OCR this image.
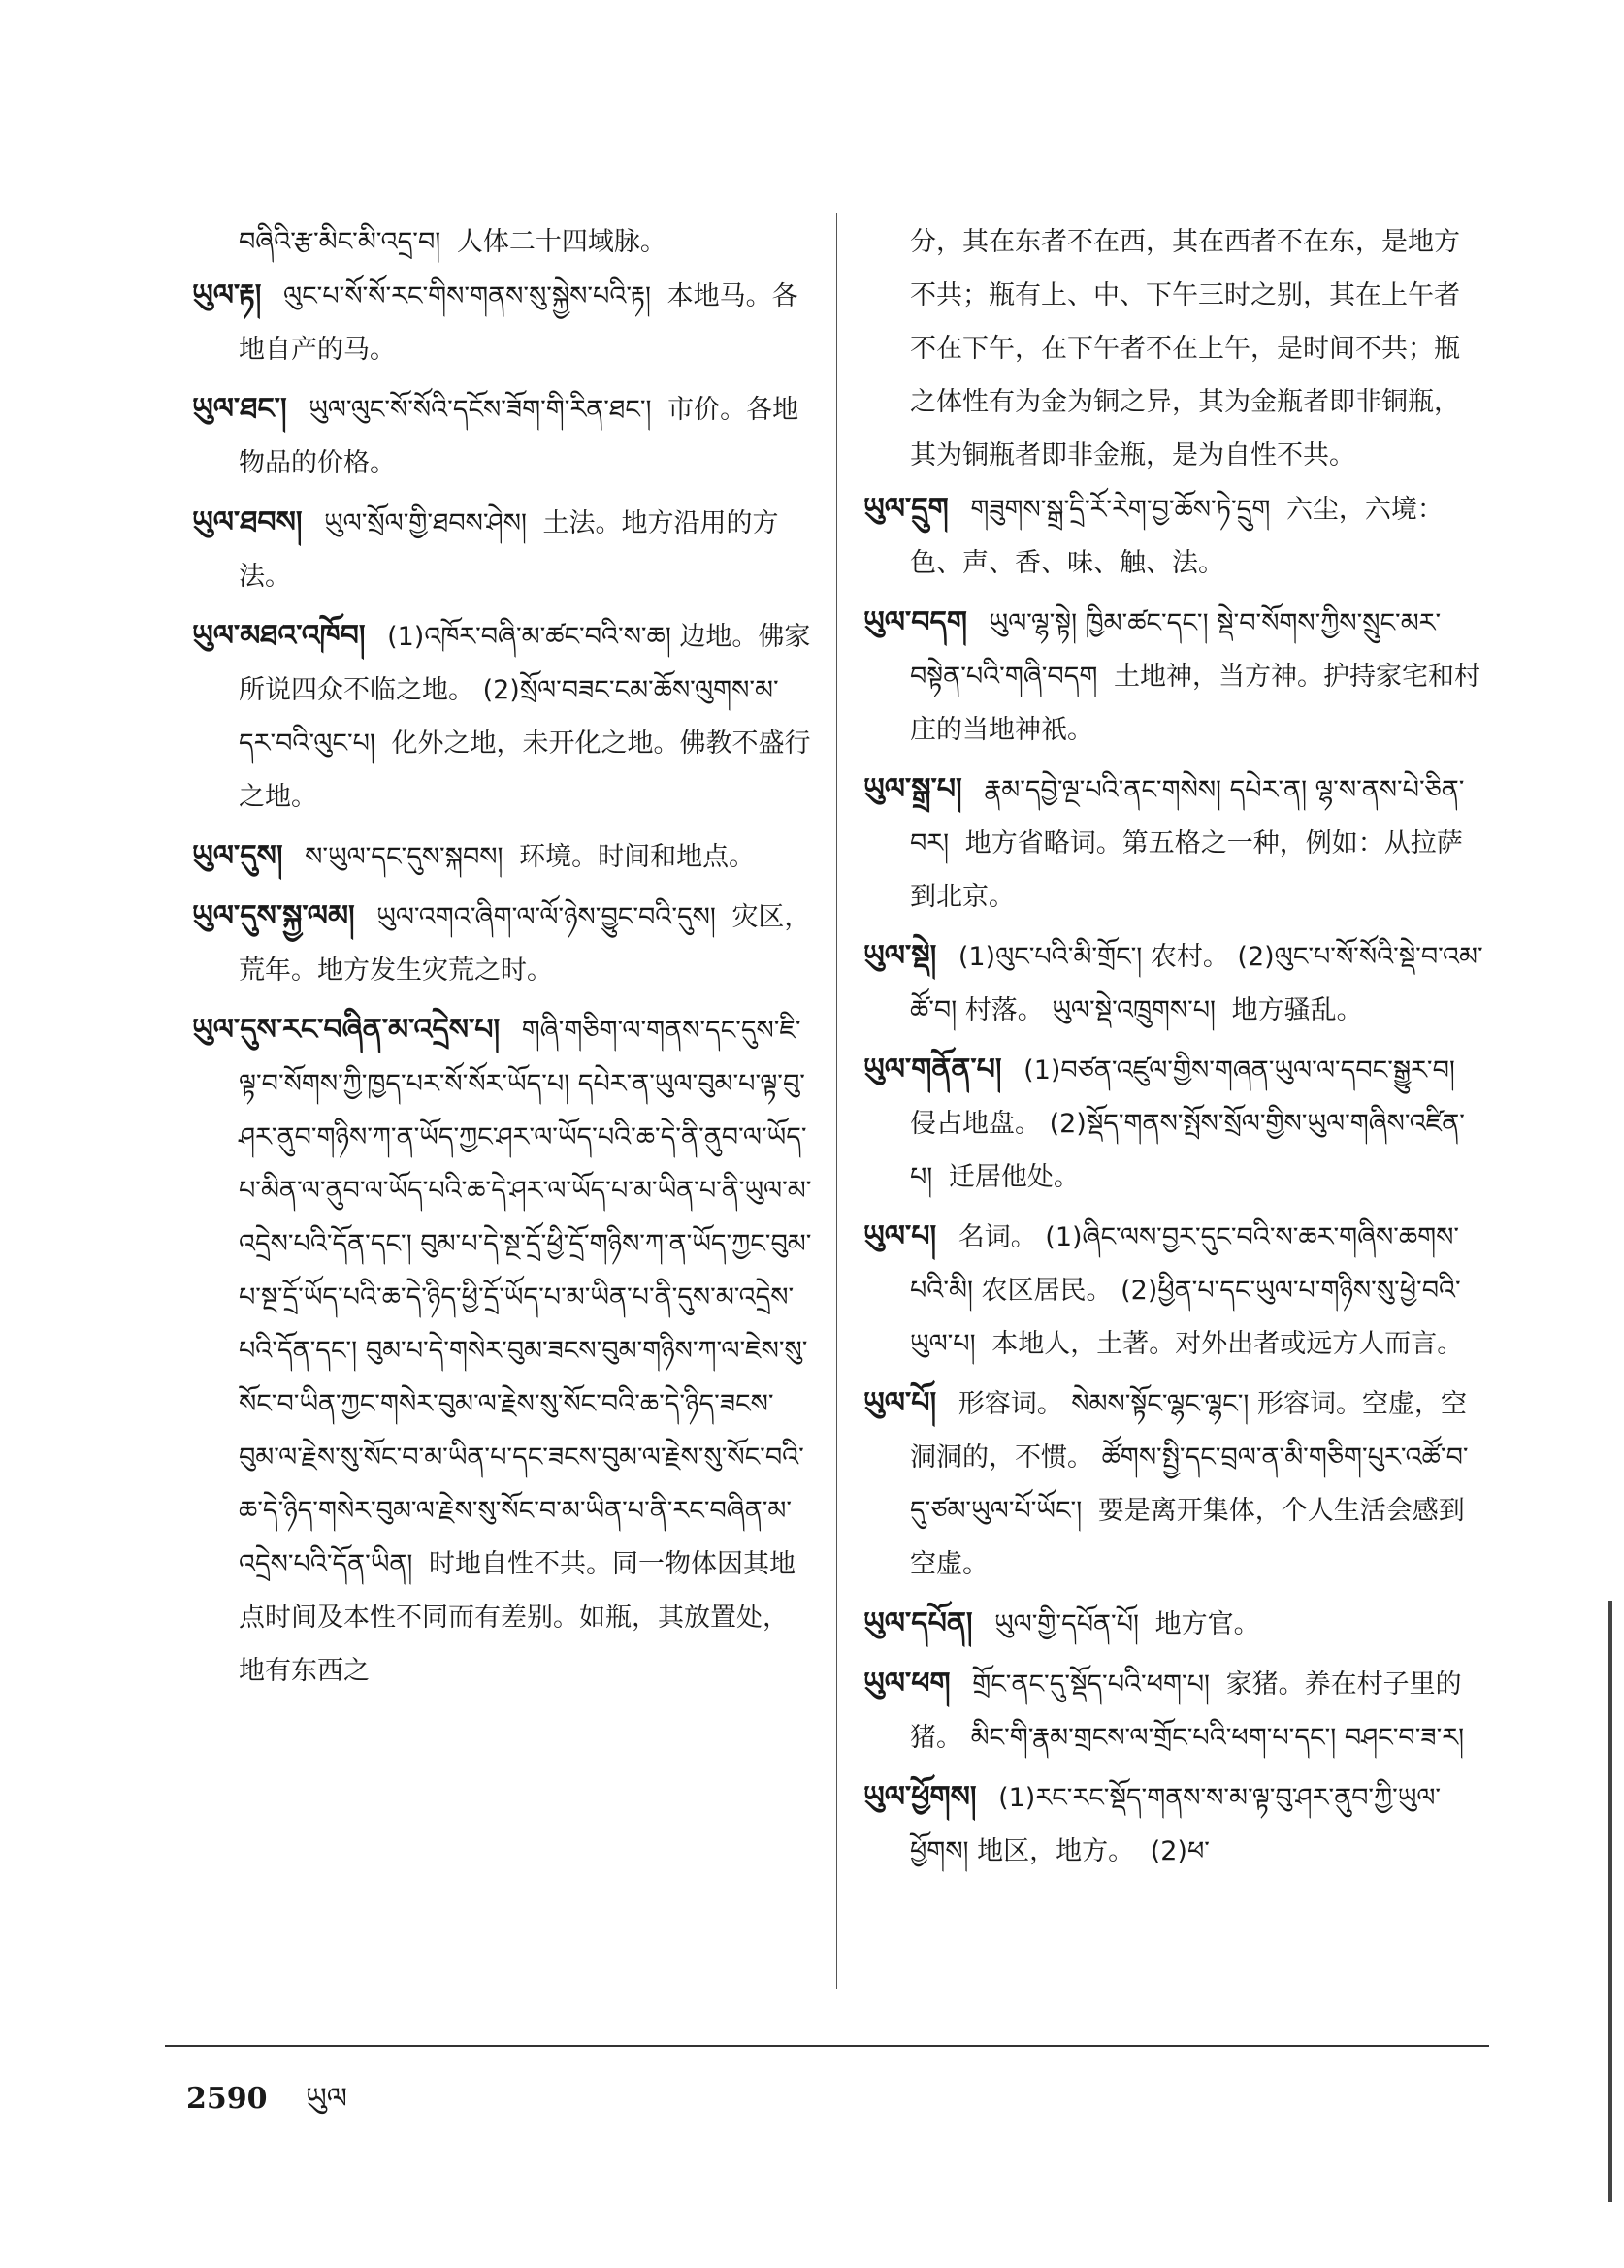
བཞིའི་རྩ་མིང་མི་འདྲ་བ། 人体二十四域脉。
ཡུལ་རྟ། ལུང་པ་སོ་སོ་རང་གིས་གནས་སུ་སྐྱེས་པའི་རྟ། 本地马。各地自产的马。
ཡུལ་ཐང་། ཡུལ་ལུང་སོ་སོའི་དངོས་ཟོག་གི་རིན་ཐང་། 市价。各地物品的价格。
ཡུལ་ཐབས། ཡུལ་སྲོལ་གྱི་ཐབས་ཤེས། 土法。地方沿用的方法。
ཡུལ་མཐའ་འཁོབ། (1)འཁོར་བཞི་མ་ཚང་བའི་ས་ཆ། 边地。佛家所说四众不临之地。 (2)སྲོལ་བཟང་ངམ་ཆོས་ལུགས་མ་དར་བའི་ལུང་པ། 化外之地，未开化之地。佛教不盛行之地。
ཡུལ་དུས། ས་ཡུལ་དང་དུས་སྐབས། 环境。时间和地点。
ཡུལ་དུས་སྐྱ་ལམ། ཡུལ་འགའ་ཞིག་ལ་ལོ་ཉེས་བྱུང་བའི་དུས། 灾区，荒年。地方发生灾荒之时。
ཡུལ་དུས་རང་བཞིན་མ་འདྲེས་པ། གཞི་གཅིག་ལ་གནས་དང་དུས་ཇི་ལྟ་བ་སོགས་ཀྱི་ཁྱད་པར་སོ་སོར་ཡོད་པ། དཔེར་ན་ཡུལ་བུམ་པ་ལྟ་བུ་ཤར་ནུབ་གཉིས་ཀ་ན་ཡོད་ཀྱང་ཤར་ལ་ཡོད་པའི་ཆ་དེ་ནི་ནུབ་ལ་ཡོད་པ་མིན་ལ་ནུབ་ལ་ཡོད་པའི་ཆ་དེ་ཤར་ལ་ཡོད་པ་མ་ཡིན་པ་ནི་ཡུལ་མ་འདྲེས་པའི་དོན་དང་། བུམ་པ་དེ་སྔ་དྲོ་ཕྱི་དྲོ་གཉིས་ཀ་ན་ཡོད་ཀྱང་བུམ་པ་སྔ་དྲོ་ཡོད་པའི་ཆ་དེ་ཉིད་ཕྱི་དྲོ་ཡོད་པ་མ་ཡིན་པ་ནི་དུས་མ་འདྲེས་པའི་དོན་དང་། བུམ་པ་དེ་གསེར་བུམ་ཟངས་བུམ་གཉིས་ཀ་ལ་ཇེས་སུ་སོང་བ་ཡིན་ཀྱང་གསེར་བུམ་ལ་རྗེས་སུ་སོང་བའི་ཆ་དེ་ཉིད་ཟངས་བུམ་ལ་རྗེས་སུ་སོང་བ་མ་ཡིན་པ་དང་ཟངས་བུམ་ལ་རྗེས་སུ་སོང་བའི་ཆ་དེ་ཉིད་གསེར་བུམ་ལ་རྗེས་སུ་སོང་བ་མ་ཡིན་པ་ནི་རང་བཞིན་མ་འདྲེས་པའི་དོན་ཡིན། 时地自性不共。同一物体因其地点时间及本性不同而有差别。如瓶，其放置处，地有东西之
分，其在东者不在西，其在西者不在东，是地方不共；瓶有上、中、下午三时之别，其在上午者不在下午，在下午者不在上午，是时间不共；瓶之体性有为金为铜之异，其为金瓶者即非铜瓶，其为铜瓶者即非金瓶，是为自性不共。
ཡུལ་དྲུག གཟུགས་སྒྲ་དྲི་རོ་རེག་བྱ་ཆོས་ཏེ་དྲུག 六尘，六境：色、声、香、味、触、法。
ཡུལ་བདག ཡུལ་ལྷ་སྟེ། ཁྱིམ་ཚང་དང་། སྡེ་བ་སོགས་ཀྱིས་སྲུང་མར་བསྟེན་པའི་གཞི་བདག 土地神，当方神。护持家宅和村庄的当地神祇。
ཡུལ་སྒྲ་པ། རྣམ་དབྱེ་ལྔ་པའི་ནང་གསེས། དཔེར་ན། ལྷ་ས་ནས་པེ་ཅིན་བར། 地方省略词。第五格之一种，例如：从拉萨到北京。
ཡུལ་སྡེ། (1)ལུང་པའི་མི་གྲོང་། 农村。 (2)ལུང་པ་སོ་སོའི་སྡེ་བ་འམ་ཚོ་བ། 村落。 ཡུལ་སྡེ་འཁྲུགས་པ། 地方骚乱。
ཡུལ་གནོན་པ། (1)བཙན་འཛུལ་གྱིས་གཞན་ཡུལ་ལ་དབང་སྒྱུར་བ། 侵占地盘。 (2)སྡོད་གནས་སྤོས་སྲོལ་གྱིས་ཡུལ་གཞིས་འཛིན་པ། 迁居他处。
ཡུལ་པ། 名词。 (1)ཞིང་ལས་བྱར་དུང་བའི་ས་ཆར་གཞིས་ཆགས་པའི་མི། 农区居民。 (2)ཕྱིན་པ་དང་ཡུལ་པ་གཉིས་སུ་ཕྱེ་བའི་ཡུལ་པ། 本地人，土著。对外出者或远方人而言。
ཡུལ་པོ། 形容词。 སེམས་སྟོང་ལྷང་ལྷང་། 形容词。空虚，空洞洞的，不惯。 ཚོགས་སྤྱི་དང་བྲལ་ན་མི་གཅིག་པུར་འཚོ་བ་དུ་ཙམ་ཡུལ་པོ་ཡོང་། 要是离开集体，个人生活会感到空虚。
ཡུལ་དཔོན། ཡུལ་གྱི་དཔོན་པོ། 地方官。
ཡུལ་ཕག གྲོང་ནང་དུ་སྡོད་པའི་ཕག་པ། 家猪。养在村子里的猪。 མིང་གི་རྣམ་གྲངས་ལ་གྲོང་པའི་ཕག་པ་དང་། བཤང་བ་ཟ་ར།
ཡུལ་ཕྱོགས། (1)རང་རང་སྡོད་གནས་ས་མ་ལྟ་བུ་ཤར་ནུབ་ཀྱི་ཡུལ་ཕྱོགས། 地区，地方。 (2)ཕ་
2590 ཡུལ
